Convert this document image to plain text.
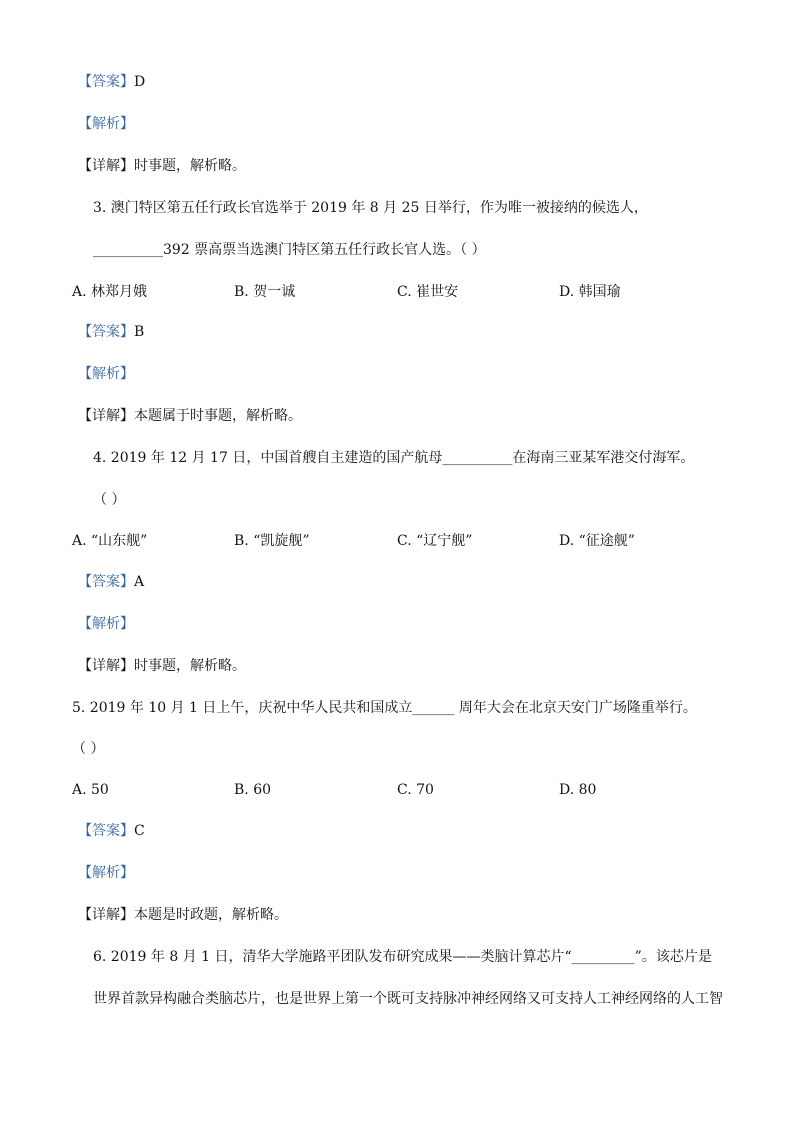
【答案】D
【解析】
【详解】时事题，解析略。
3. 澳门特区第五任行政长官选举于 2019 年 8 月 25 日举行，作为唯一被接纳的候选人，
__________392 票高票当选澳门特区第五任行政长官人选。（ ）
A. 林郑月娥	B. 贺一诚	C. 崔世安	D. 韩国瑜
【答案】B
【解析】
【详解】本题属于时事题，解析略。
4. 2019 年 12 月 17 日，中国首艘自主建造的国产航母__________在海南三亚某军港交付海军。
（ ）
A. “山东舰”	B. “凯旋舰”	C. “辽宁舰”	D. “征途舰”
【答案】A
【解析】
【详解】时事题，解析略。
5. 2019 年 10 月 1 日上午，庆祝中华人民共和国成立______ 周年大会在北京天安门广场隆重举行。
（ ）
A. 50	B. 60	C. 70	D. 80
【答案】C
【解析】
【详解】本题是时政题，解析略。
6. 2019 年 8 月 1 日，清华大学施路平团队发布研究成果——类脑计算芯片“_________”。该芯片是
世界首款异构融合类脑芯片，也是世界上第一个既可支持脉冲神经网络又可支持人工神经网络的人工智
